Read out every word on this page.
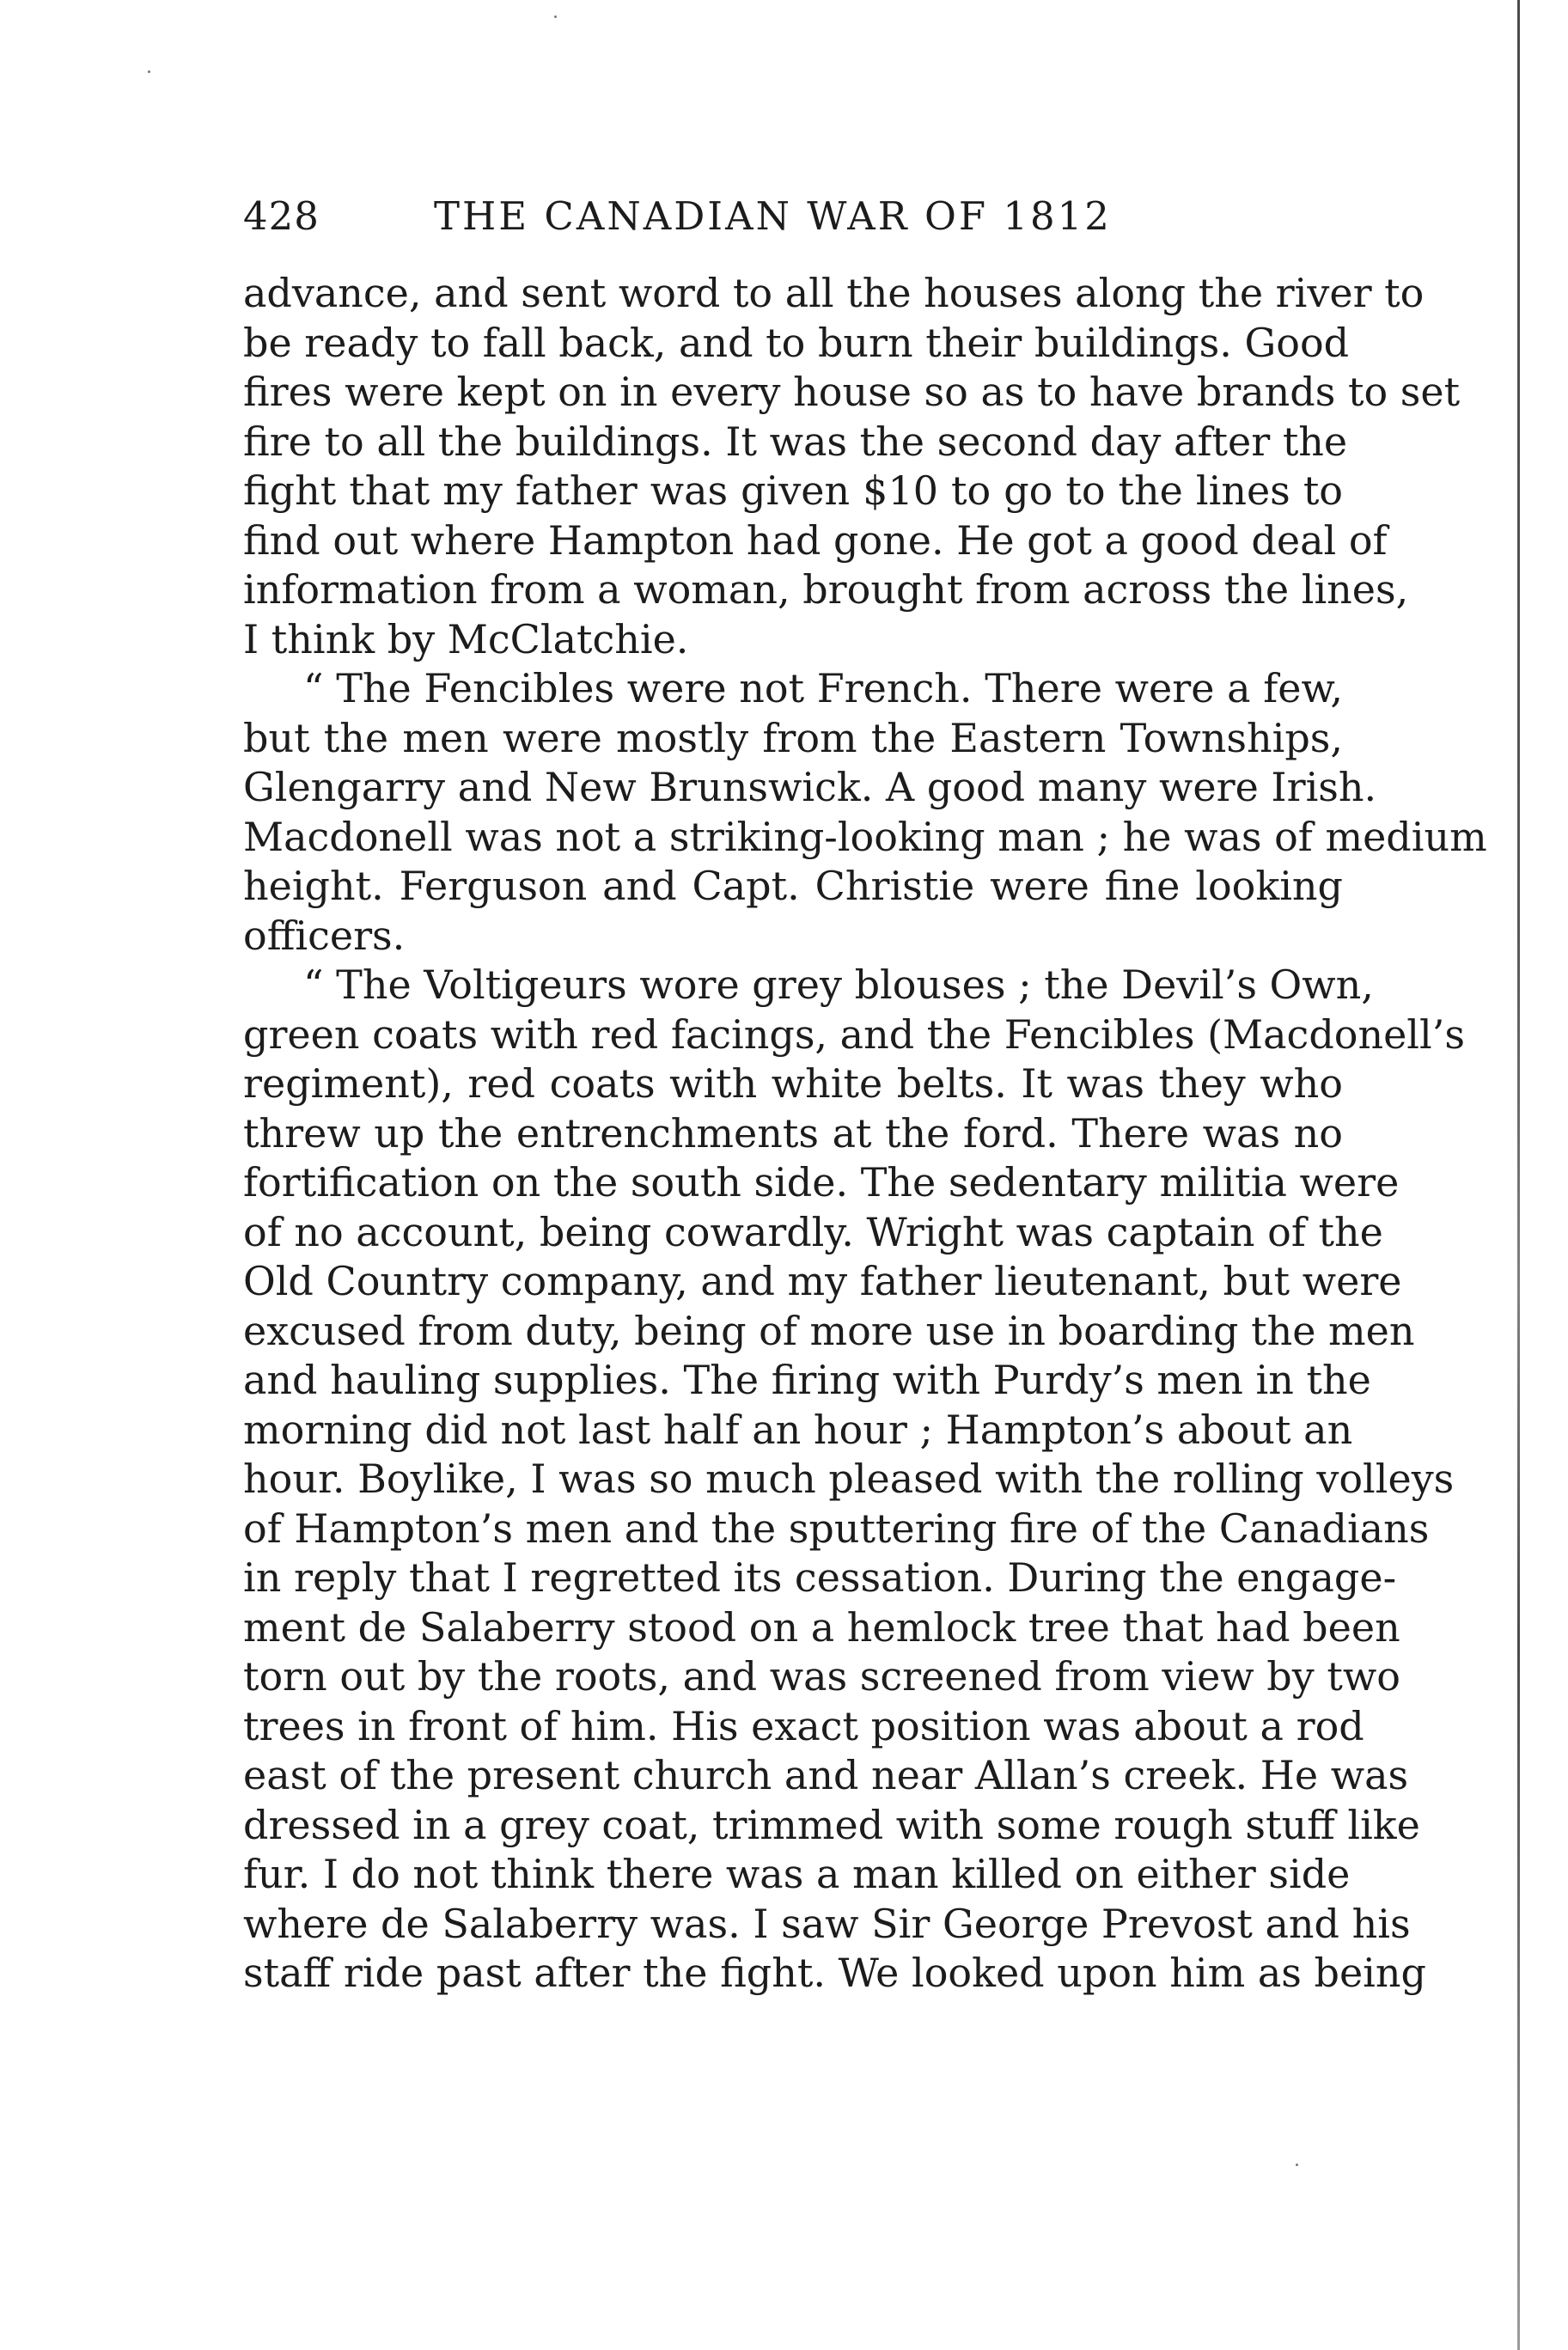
428	THE CANADIAN WAR OF 1812
advance, and sent word to all the houses along the river to
be ready to fall back, and to burn their buildings. Good
fires were kept on in every house so as to have brands to set
fire to all the buildings. It was the second day after the
fight that my father was given $10 to go to the lines to
find out where Hampton had gone. He got a good deal of
information from a woman, brought from across the lines,
I think by McClatchie.
“ The Fencibles were not French. There were a few,
but the men were mostly from the Eastern Townships,
Glengarry and New Brunswick. A good many were Irish.
Macdonell was not a striking-looking man ; he was of medium
height. Ferguson and Capt. Christie were fine looking
officers.
“ The Voltigeurs wore grey blouses ; the Devil’s Own,
green coats with red facings, and the Fencibles (Macdonell’s
regiment), red coats with white belts. It was they who
threw up the entrenchments at the ford. There was no
fortification on the south side. The sedentary militia were
of no account, being cowardly. Wright was captain of the
Old Country company, and my father lieutenant, but were
excused from duty, being of more use in boarding the men
and hauling supplies. The firing with Purdy’s men in the
morning did not last half an hour ; Hampton’s about an
hour. Boylike, I was so much pleased with the rolling volleys
of Hampton’s men and the sputtering fire of the Canadians
in reply that I regretted its cessation. During the engage-
ment de Salaberry stood on a hemlock tree that had been
torn out by the roots, and was screened from view by two
trees in front of him. His exact position was about a rod
east of the present church and near Allan’s creek. He was
dressed in a grey coat, trimmed with some rough stuff like
fur. I do not think there was a man killed on either side
where de Salaberry was. I saw Sir George Prevost and his
staff ride past after the fight. We looked upon him as being
